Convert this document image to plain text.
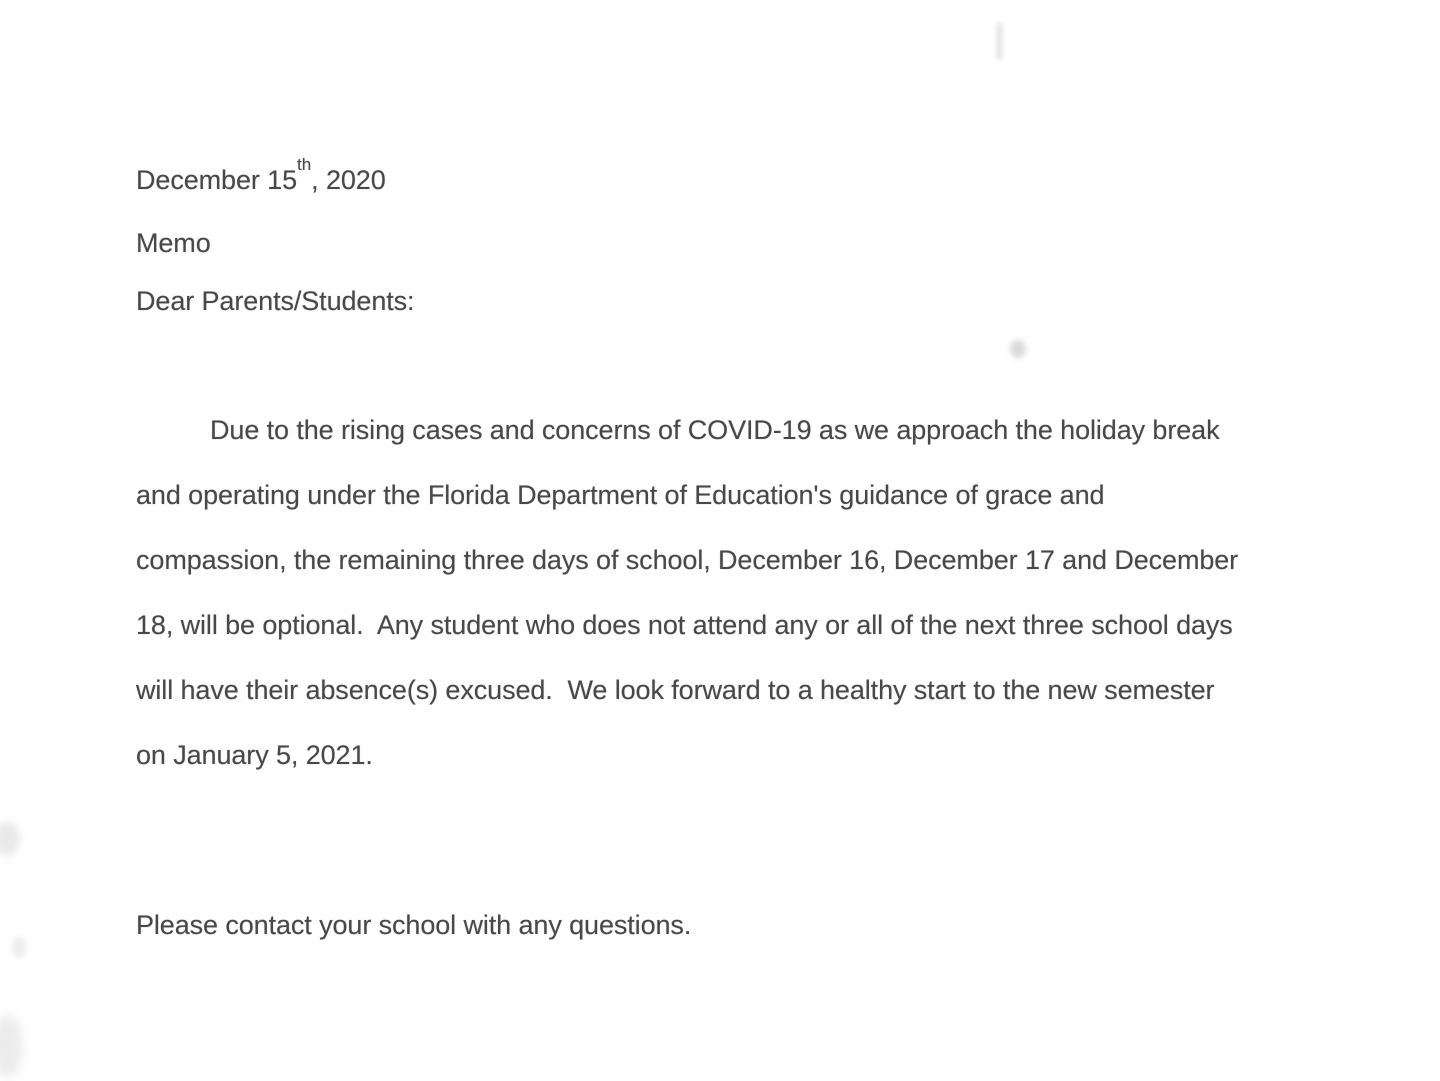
December 15th, 2020
Memo
Dear Parents/Students:
Due to the rising cases and concerns of COVID-19 as we approach the holiday break
and operating under the Florida Department of Education's guidance of grace and
compassion, the remaining three days of school, December 16, December 17 and December
18, will be optional.  Any student who does not attend any or all of the next three school days
will have their absence(s) excused.  We look forward to a healthy start to the new semester
on January 5, 2021.
Please contact your school with any questions.
